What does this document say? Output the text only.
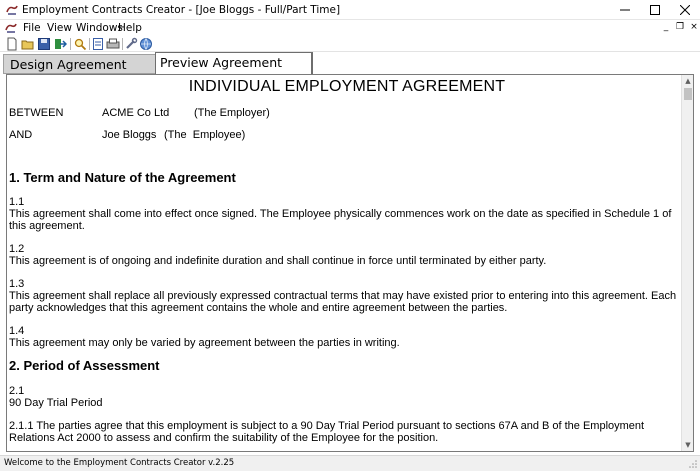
Employment Contracts Creator - [Joe Bloggs - Full/Part Time]
File View Windows
Help	_ ❐ ×
Design Agreement	Preview Agreement
INDIVIDUAL EMPLOYMENT AGREEMENT
BETWEEN	ACME Co Ltd (The Employer)
AND	Joe Bloggs (The  Employee)
1. Term and Nature of the Agreement
1.1
This agreement shall come into effect once signed. The Employee physically commences work on the date as specified in Schedule 1 of this agreement.
1.2
This agreement is of ongoing and indefinite duration and shall continue in force until terminated by either party.
1.3
This agreement shall replace all previously expressed contractual terms that may have existed prior to entering into this agreement. Each party acknowledges that this agreement contains the whole and entire agreement between the parties.
1.4
This agreement may only be varied by agreement between the parties in writing.
2. Period of Assessment
2.1
90 Day Trial Period
2.1.1 The parties agree that this employment is subject to a 90 Day Trial Period pursuant to sections 67A and B of the Employment Relations Act 2000 to assess and confirm the suitability of the Employee for the position.
▲
▼
Welcome to the Employment Contracts Creator v.2.25
